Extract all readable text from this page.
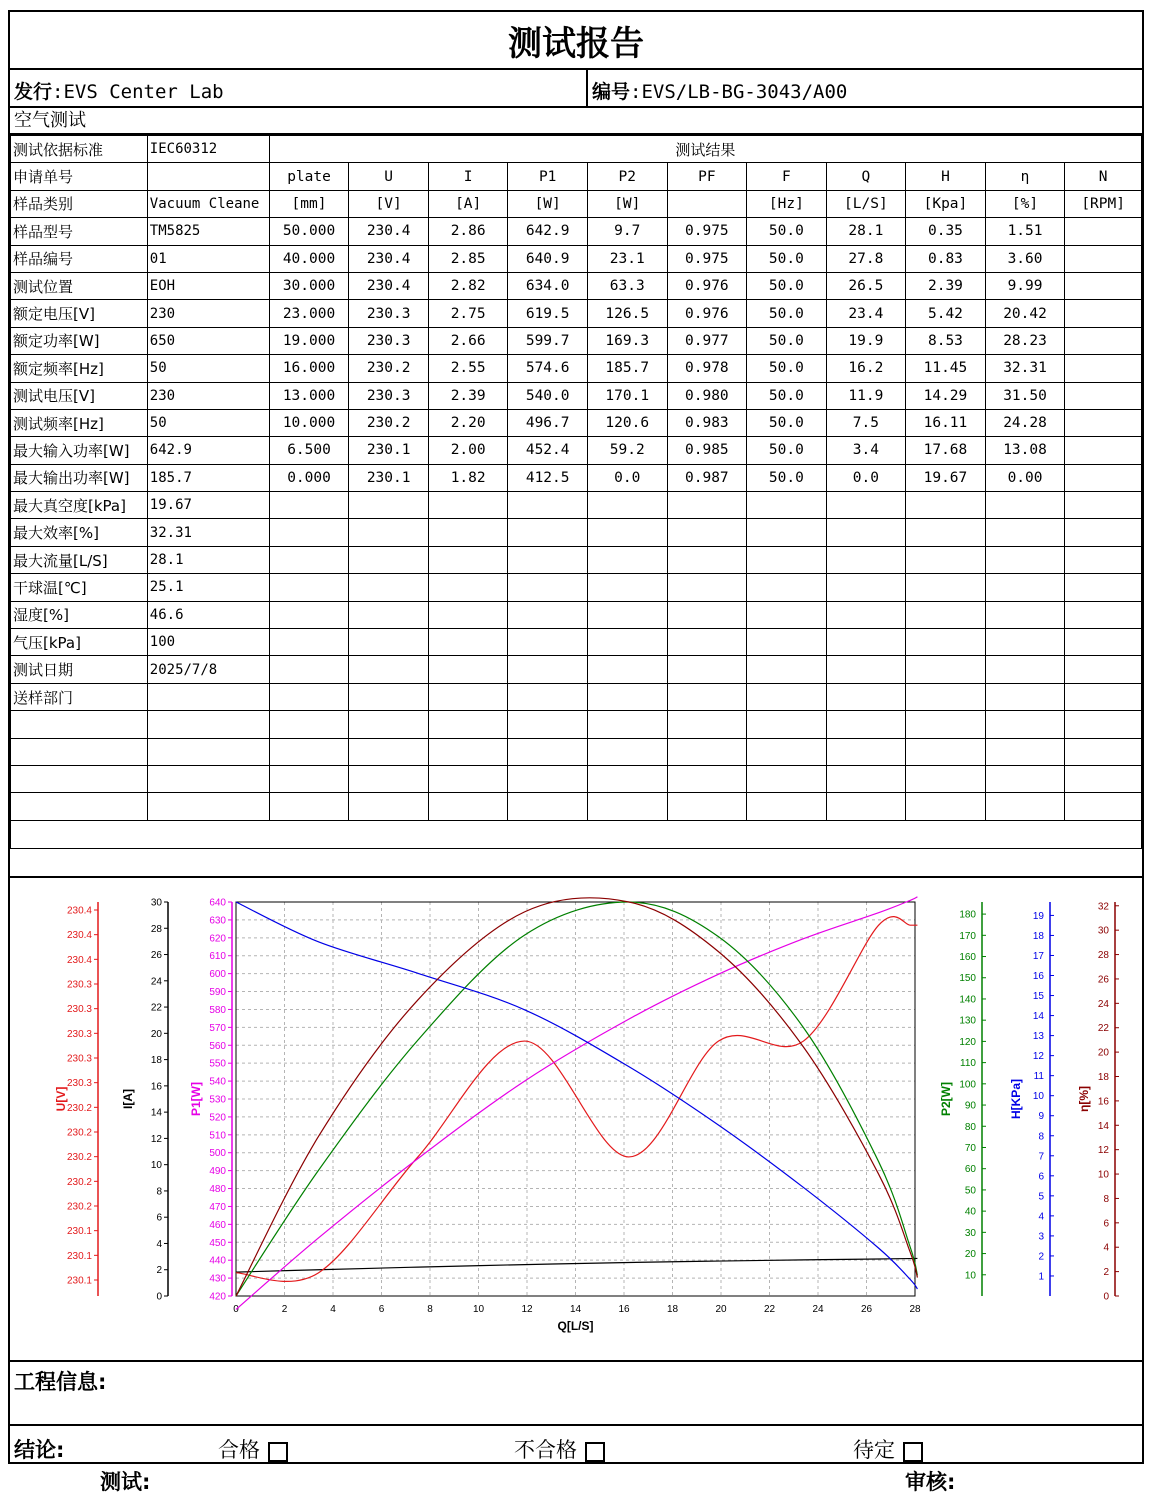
测试报告
发行:EVS Center Lab	编号:EVS/LB-BG-3043/A00
空气测试
测试依据标准	IEC60312	测试结果										
申请单号		plate	U	I	P1	P2	PF	F	Q	H	η	N
样品类别	Vacuum Cleane	[mm]	[V]	[A]	[W]	[W]		[Hz]	[L/S]	[Kpa]	[%]	[RPM]
样品型号	TM5825	50.000	230.4	2.86	642.9	9.7	0.975	50.0	28.1	0.35	1.51	
样品编号	01	40.000	230.4	2.85	640.9	23.1	0.975	50.0	27.8	0.83	3.60	
测试位置	EOH	30.000	230.4	2.82	634.0	63.3	0.976	50.0	26.5	2.39	9.99	
额定电压[V]	230	23.000	230.3	2.75	619.5	126.5	0.976	50.0	23.4	5.42	20.42	
额定功率[W]	650	19.000	230.3	2.66	599.7	169.3	0.977	50.0	19.9	8.53	28.23	
额定频率[Hz]	50	16.000	230.2	2.55	574.6	185.7	0.978	50.0	16.2	11.45	32.31	
测试电压[V]	230	13.000	230.3	2.39	540.0	170.1	0.980	50.0	11.9	14.29	31.50	
测试频率[Hz]	50	10.000	230.2	2.20	496.7	120.6	0.983	50.0	7.5	16.11	24.28	
最大输入功率[W]	642.9	6.500	230.1	2.00	452.4	59.2	0.985	50.0	3.4	17.68	13.08	
最大输出功率[W]	185.7	0.000	230.1	1.82	412.5	0.0	0.987	50.0	0.0	19.67	0.00	
最大真空度[kPa]	19.67											
最大效率[%]	32.31											
最大流量[L/S]	28.1											
干球温[℃]	25.1											
湿度[%]	46.6											
气压[kPa]	100											
测试日期	2025/7/8											
送样部门												

0	2	4	6	8	10	12	14	16	18	20	22	24	26	28
Q[L/S]
230.4
230.4
230.4
230.3
230.3
230.3
230.3
230.3
230.2
230.2
230.2
230.2
230.2
230.1
230.1
230.1
U[V]
30
28
26
24
22
20
18
16
14
12
10
8
6
4
2
0
I[A]
640
630
620
610
600
590
580
570
560
550
540
530
520
510
500
490
480
470
460
450
440
430
420
P1[W]
180
170
160
150
140
130
120
110
100
90
80
70
60
50
40
30
20
10
P2[W]
19
18
17
16
15
14
13
12
11
10
9
8
7
6
5
4
3
2
1
H[KPa]
32
30
28
26
24
22
20
18
16
14
12
10
8
6
4
2
0
η[%]
工程信息:
结论:	合格	不合格	待定
测试:	审核:
